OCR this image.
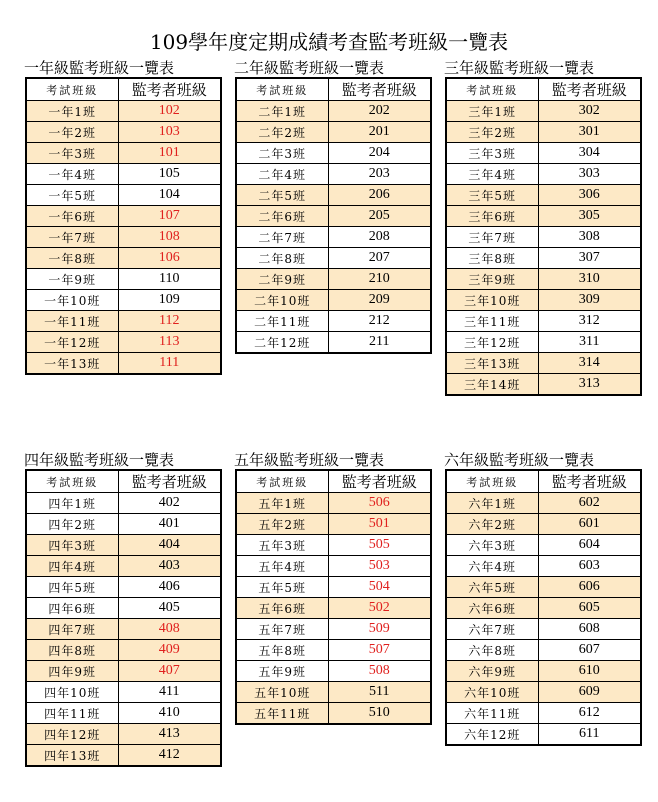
109學年度定期成績考查監考班級一覽表
一年級監考班級一覽表
考試班級	監考者班級
一年1班	102
一年2班	103
一年3班	101
一年4班	105
一年5班	104
一年6班	107
一年7班	108
一年8班	106
一年9班	110
一年10班	109
一年11班	112
一年12班	113
一年13班	111
二年級監考班級一覽表
考試班級	監考者班級
二年1班	202
二年2班	201
二年3班	204
二年4班	203
二年5班	206
二年6班	205
二年7班	208
二年8班	207
二年9班	210
二年10班	209
二年11班	212
二年12班	211
三年級監考班級一覽表
考試班級	監考者班級
三年1班	302
三年2班	301
三年3班	304
三年4班	303
三年5班	306
三年6班	305
三年7班	308
三年8班	307
三年9班	310
三年10班	309
三年11班	312
三年12班	311
三年13班	314
三年14班	313
四年級監考班級一覽表
考試班級	監考者班級
四年1班	402
四年2班	401
四年3班	404
四年4班	403
四年5班	406
四年6班	405
四年7班	408
四年8班	409
四年9班	407
四年10班	411
四年11班	410
四年12班	413
四年13班	412
五年級監考班級一覽表
考試班級	監考者班級
五年1班	506
五年2班	501
五年3班	505
五年4班	503
五年5班	504
五年6班	502
五年7班	509
五年8班	507
五年9班	508
五年10班	511
五年11班	510
六年級監考班級一覽表
考試班級	監考者班級
六年1班	602
六年2班	601
六年3班	604
六年4班	603
六年5班	606
六年6班	605
六年7班	608
六年8班	607
六年9班	610
六年10班	609
六年11班	612
六年12班	611
